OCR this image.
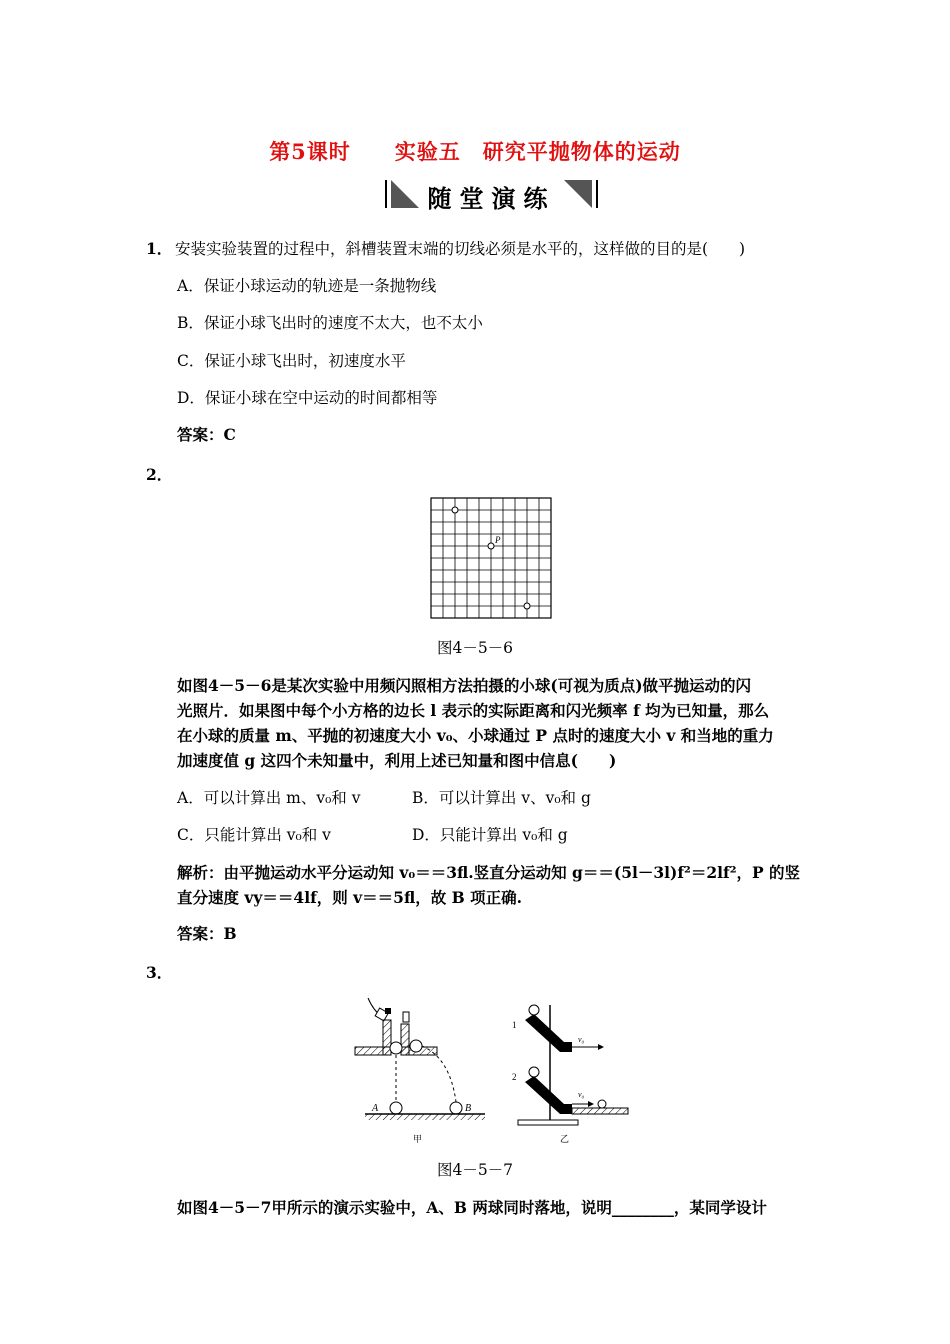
第5课时　　实验五　研究平抛物体的运动
随堂演练
1． 安装实验装置的过程中，斜槽装置末端的切线必须是水平的，这样做的目的是(　　)
A．保证小球运动的轨迹是一条抛物线
B．保证小球飞出时的速度不太大，也不太小
C．保证小球飞出时，初速度水平
D．保证小球在空中运动的时间都相等
答案：C
2．
P
图4－5－6
如图4－5－6是某次实验中用频闪照相方法拍摄的小球(可视为质点)做平抛运动的闪
光照片．如果图中每个小方格的边长 l 表示的实际距离和闪光频率 f 均为已知量，那么
在小球的质量 m、平抛的初速度大小 v₀、小球通过 P 点时的速度大小 v 和当地的重力
加速度值 g 这四个未知量中，利用上述已知量和图中信息(　　)
A．可以计算出 m、v₀和 v	B．可以计算出 v、v₀和 g
C．只能计算出 v₀和 v	D．只能计算出 v₀和 g
解析：由平抛运动水平分运动知 v₀＝＝3fl.竖直分运动知 g＝＝(5l－3l)f²＝2lf²，P 的竖
直分速度 vy＝＝4lf，则 v＝＝5fl，故 B 项正确.
答案：B
3．
A	B
甲
1
v₀
2
v₀
乙
图4－5－7
如图4－5－7甲所示的演示实验中，A、B 两球同时落地，说明________，某同学设计
